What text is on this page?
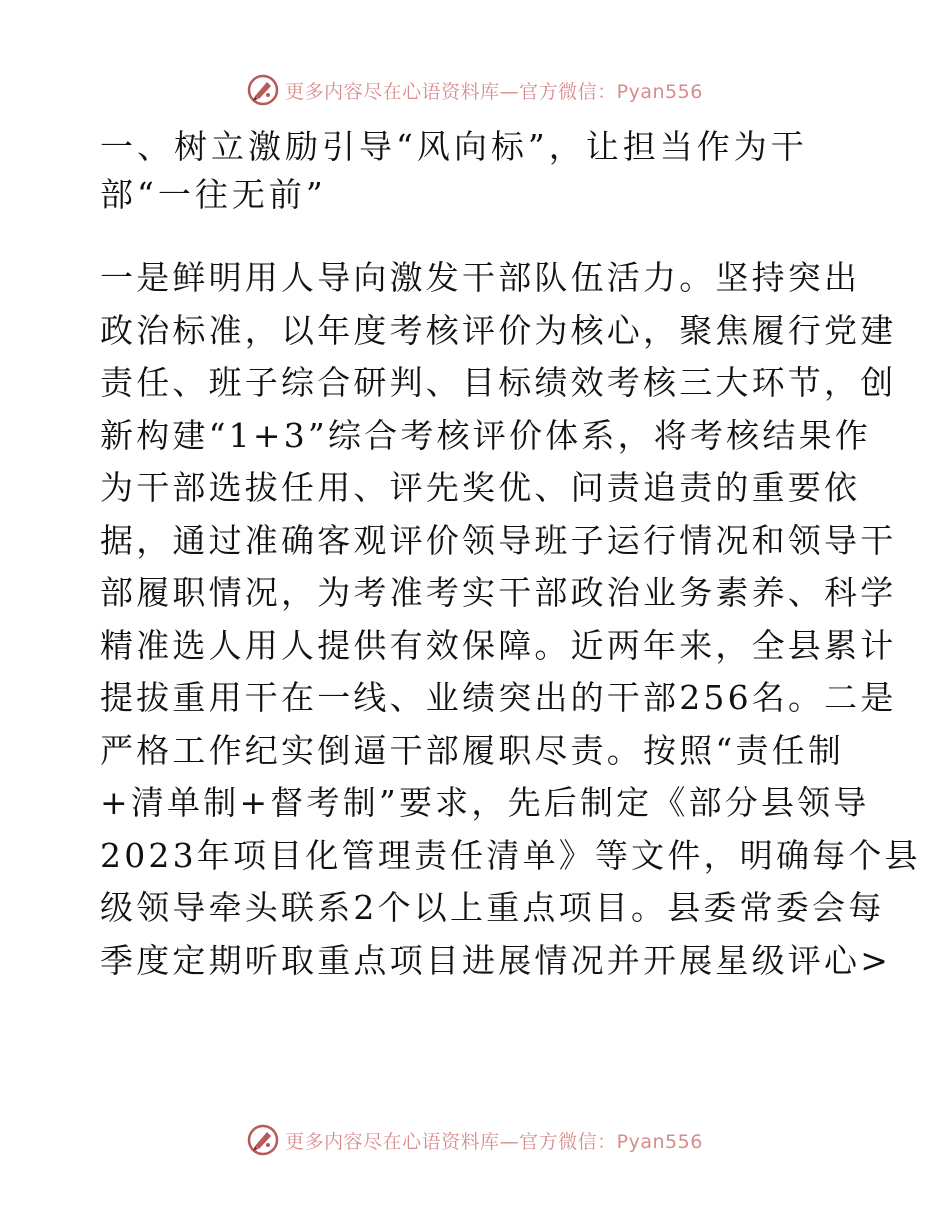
更多内容尽在心语资料库—官方微信：Pyan556
一、树立激励引导“风向标”，让担当作为干
部“一往无前”
一是鲜明用人导向激发干部队伍活力。坚持突出
政治标准，以年度考核评价为核心，聚焦履行党建
责任、班子综合研判、目标绩效考核三大环节，创
新构建“1+3”综合考核评价体系，将考核结果作
为干部选拔任用、评先奖优、问责追责的重要依
据，通过准确客观评价领导班子运行情况和领导干
部履职情况，为考准考实干部政治业务素养、科学
精准选人用人提供有效保障。近两年来，全县累计
提拔重用干在一线、业绩突出的干部256名。二是
严格工作纪实倒逼干部履职尽责。按照“责任制
+清单制+督考制”要求，先后制定《部分县领导
2023年项目化管理责任清单》等文件，明确每个县
级领导牵头联系2个以上重点项目。县委常委会每
季度定期听取重点项目进展情况并开展星级评心>
更多内容尽在心语资料库—官方微信：Pyan556
